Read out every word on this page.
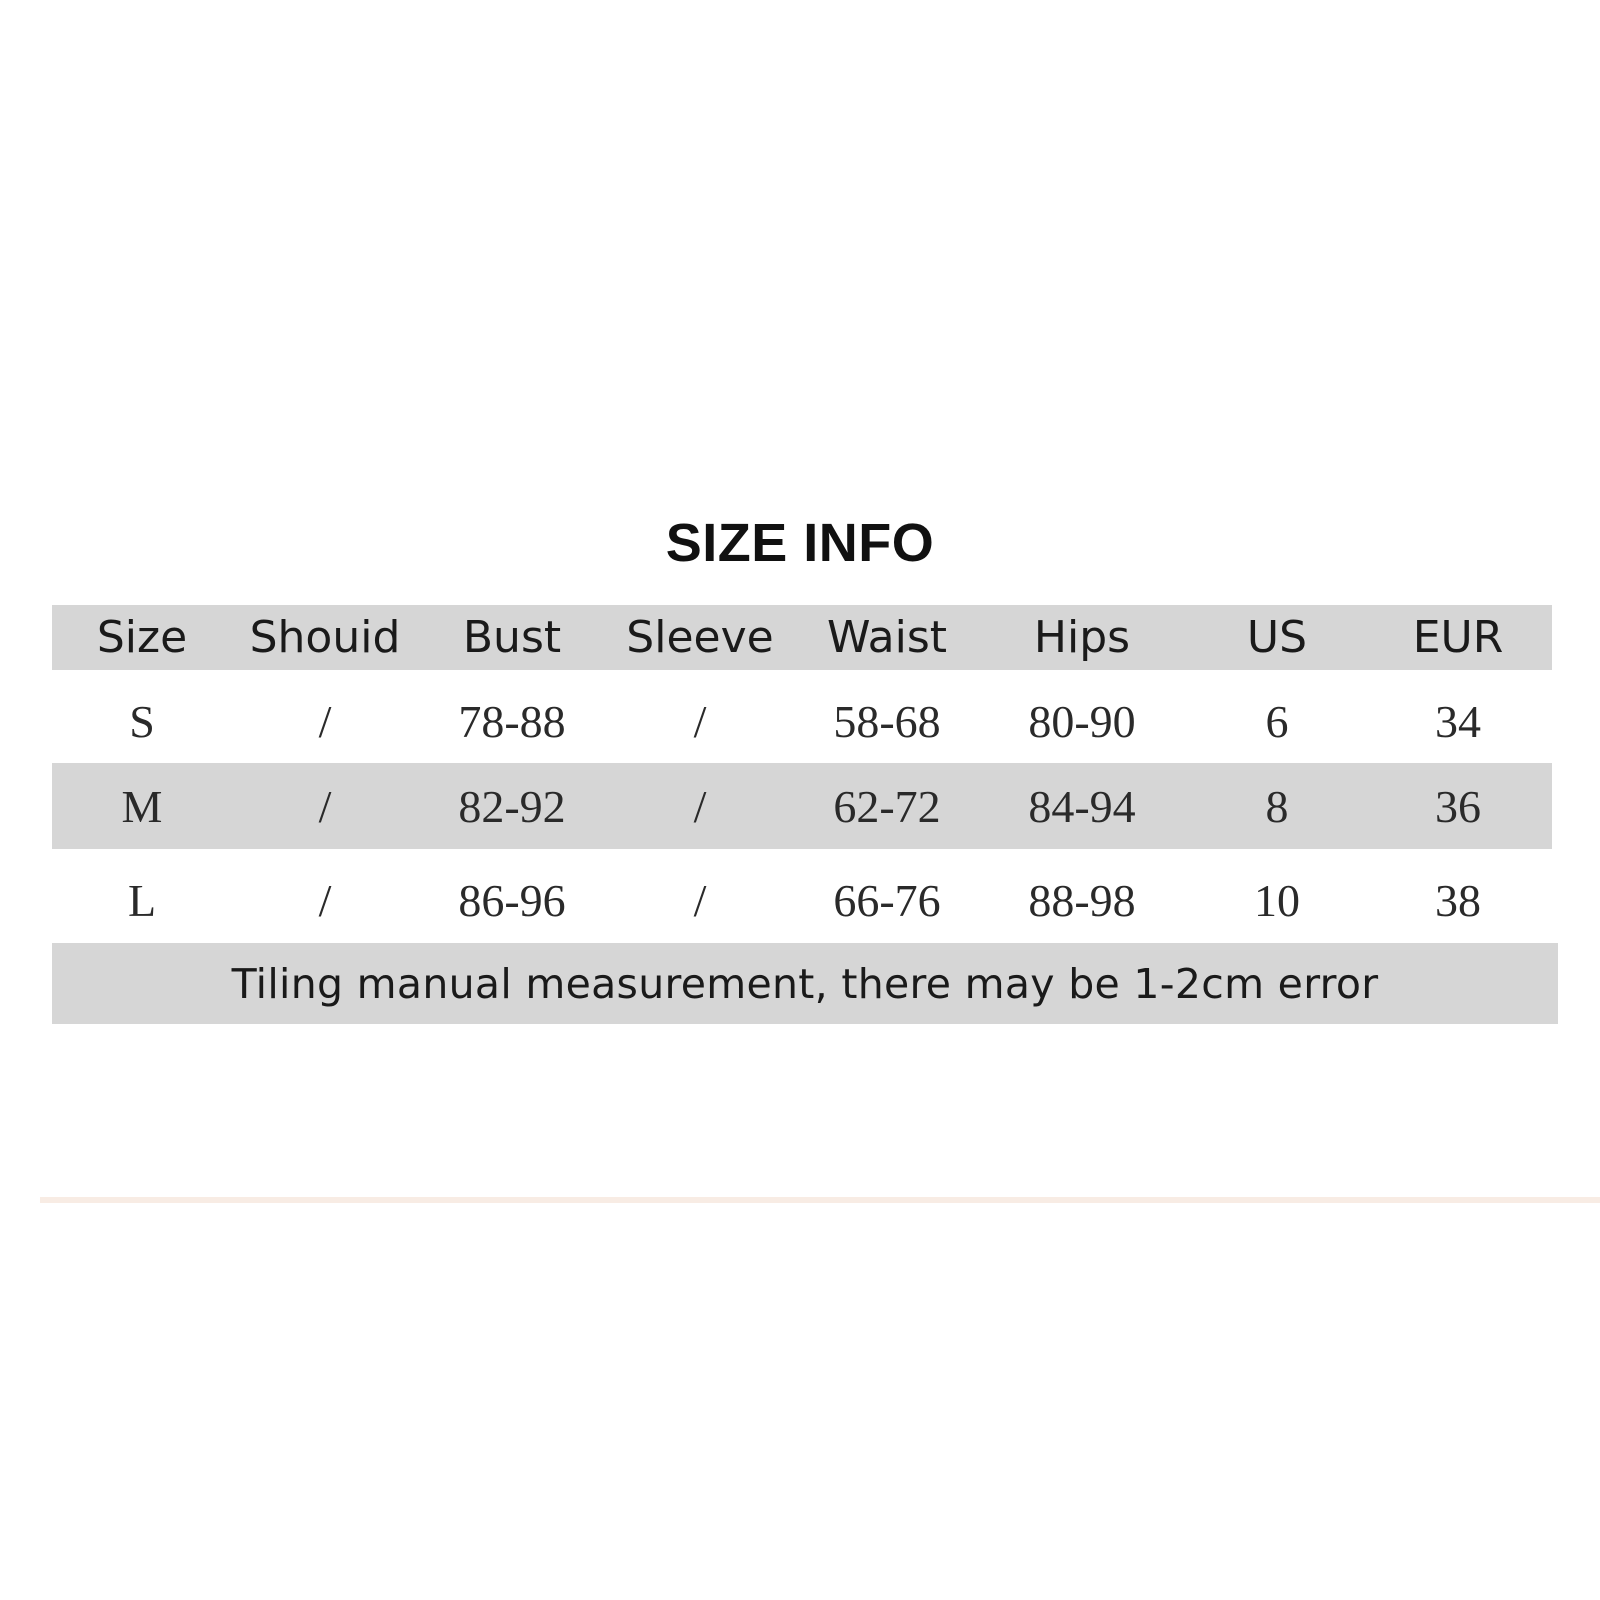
SIZE INFO
Size Shouid Bust Sleeve Waist Hips	US EUR
S	/	78-88	/	58-68 80-90	6	34
M	/	82-92	/	62-72 84-94	8	36
L	/	86-96	/	66-76 88-98	10	38
Tiling manual measurement, there may be 1-2cm error
